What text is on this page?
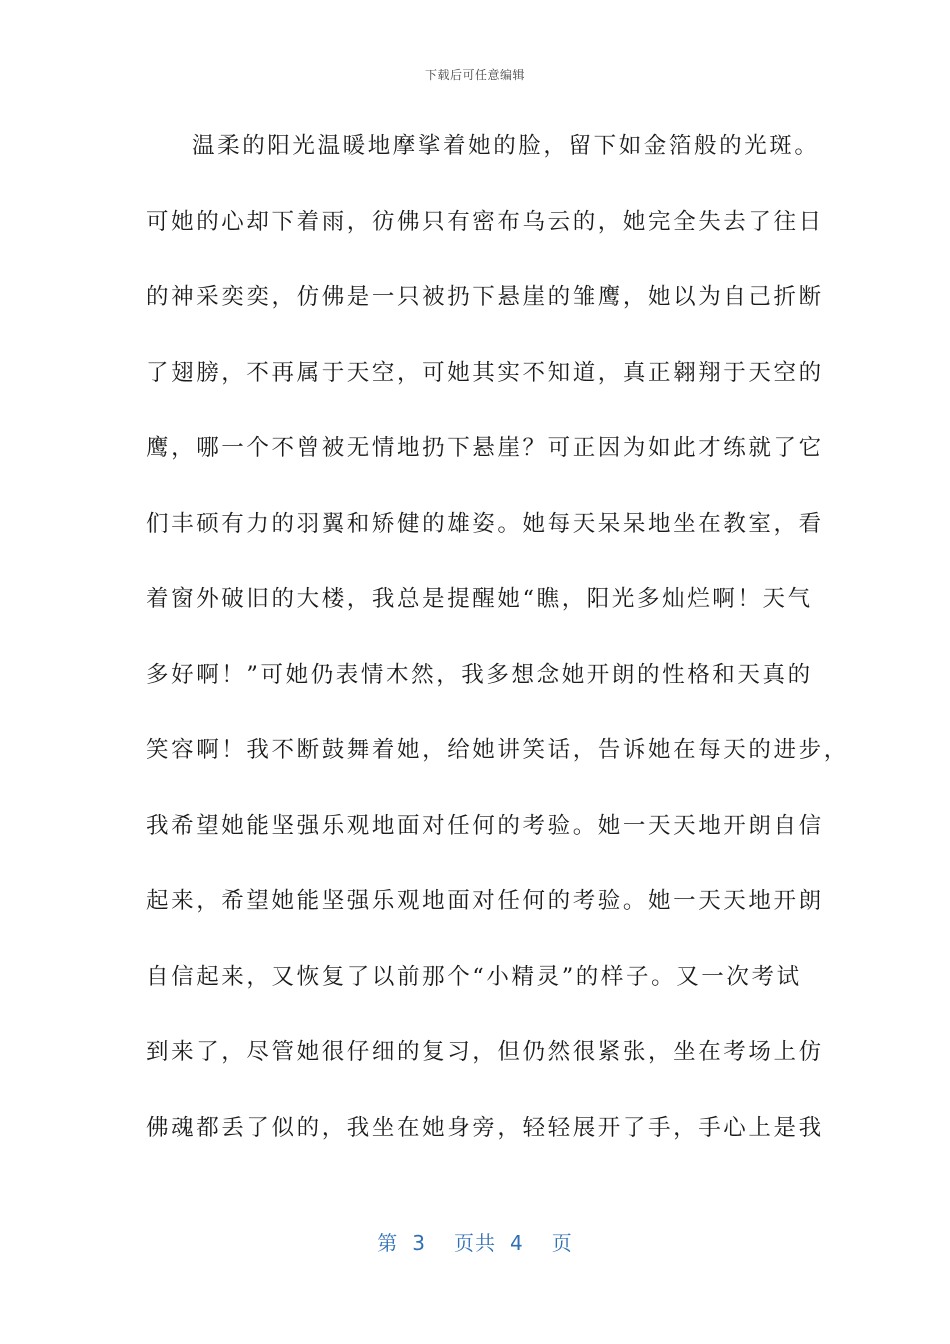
下载后可任意编辑
温柔的阳光温暖地摩挲着她的脸，留下如金箔般的光斑。
可她的心却下着雨，彷佛只有密布乌云的，她完全失去了往日
的神采奕奕，仿佛是一只被扔下悬崖的雏鹰，她以为自己折断
了翅膀，不再属于天空，可她其实不知道，真正翱翔于天空的
鹰，哪一个不曾被无情地扔下悬崖？可正因为如此才练就了它
们丰硕有力的羽翼和矫健的雄姿。她每天呆呆地坐在教室，看
着窗外破旧的大楼，我总是提醒她“瞧，阳光多灿烂啊！天气
多好啊！”可她仍表情木然，我多想念她开朗的性格和天真的
笑容啊！我不断鼓舞着她，给她讲笑话，告诉她在每天的进步，
我希望她能坚强乐观地面对任何的考验。她一天天地开朗自信
起来，希望她能坚强乐观地面对任何的考验。她一天天地开朗
自信起来，又恢复了以前那个“小精灵”的样子。又一次考试
到来了，尽管她很仔细的复习，但仍然很紧张，坐在考场上仿
佛魂都丢了似的，我坐在她身旁，轻轻展开了手，手心上是我
第 3 页共 4 页
